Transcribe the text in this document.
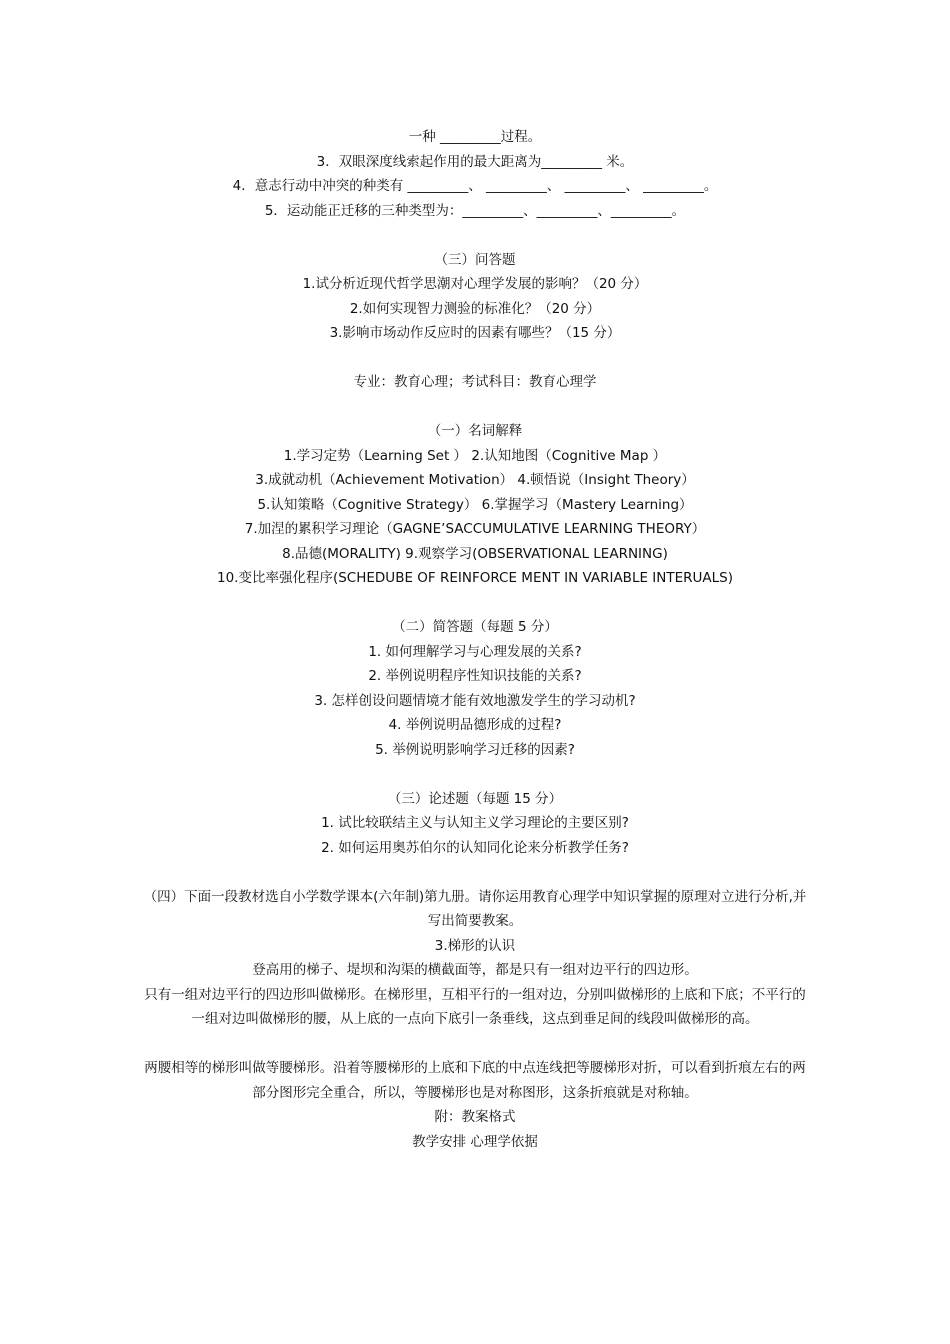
一种 _________过程。

3．双眼深度线索起作用的最大距离为_________ 米。

4．意志行动中冲突的种类有 _________、 _________、 _________、 _________。

5．运动能正迁移的三种类型为：_________、_________、_________。

（三）问答题

1.试分析近现代哲学思潮对心理学发展的影响？（20 分）

2.如何实现智力测验的标准化？（20 分）

3.影响市场动作反应时的因素有哪些？（15 分）

专业：教育心理；考试科目：教育心理学

（一）名词解释

1.学习定势（Learning Set ） 2.认知地图（Cognitive Map ）

3.成就动机（Achievement Motivation） 4.顿悟说（Insight Theory）

5.认知策略（Cognitive Strategy） 6.掌握学习（Mastery Learning）

7.加涅的累积学习理论（GAGNE’SACCUMULATIVE LEARNING THEORY）

8.品德(MORALITY) 9.观察学习(OBSERVATIONAL LEARNING)

10.变比率强化程序(SCHEDUBE OF REINFORCE MENT IN VARIABLE INTERUALS)

（二）简答题（每题 5 分）

1. 如何理解学习与心理发展的关系?

2. 举例说明程序性知识技能的关系?

3. 怎样创设问题情境才能有效地激发学生的学习动机?

4. 举例说明品德形成的过程?

5. 举例说明影响学习迁移的因素?

（三）论述题（每题 15 分）

1. 试比较联结主义与认知主义学习理论的主要区别?

2. 如何运用奥苏伯尔的认知同化论来分析教学任务?

（四）下面一段教材选自小学数学课本(六年制)第九册。请你运用教育心理学中知识掌握的原理对立进行分析,并写出简要教案。

3.梯形的认识

登高用的梯子、堤坝和沟渠的横截面等，都是只有一组对边平行的四边形。

只有一组对边平行的四边形叫做梯形。在梯形里，互相平行的一组对边，分别叫做梯形的上底和下底；不平行的一组对边叫做梯形的腰，从上底的一点向下底引一条垂线，这点到垂足间的线段叫做梯形的高。

两腰相等的梯形叫做等腰梯形。沿着等腰梯形的上底和下底的中点连线把等腰梯形对折，可以看到折痕左右的两部分图形完全重合，所以，等腰梯形也是对称图形，这条折痕就是对称轴。

附：教案格式

教学安排 心理学依据
